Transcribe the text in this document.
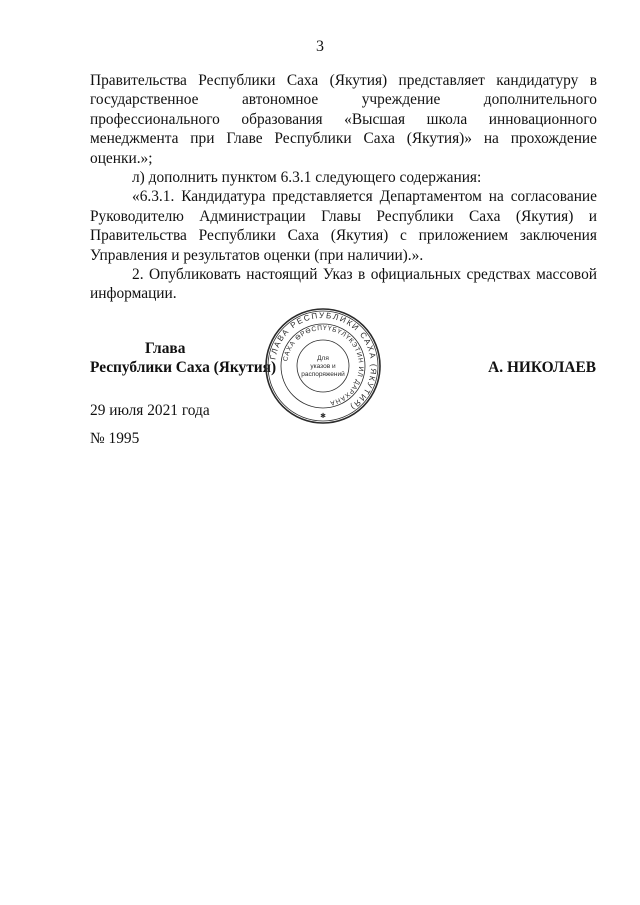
3

Правительства Республики Саха (Якутия) представляет кандидатуру в государственное автономное учреждение дополнительного профессионального образования «Высшая школа инновационного менеджмента при Главе Республики Саха (Якутия)» на прохождение оценки.»;

л) дополнить пунктом 6.3.1 следующего содержания:

«6.3.1. Кандидатура представляется Департаментом на согласование Руководителю Администрации Главы Республики Саха (Якутия) и Правительства Республики Саха (Якутия) с приложением заключения Управления и результатов оценки (при наличии).».

2. Опубликовать настоящий Указ в официальных средствах массовой информации.

Глава
Республики Саха (Якутия)	А. НИКОЛАЕВ
29 июля 2021 года
№ 1995
ГЛАВА РЕСПУБЛИКИ САХА (ЯКУТИЯ)
САХА ӨРӨСПҮҮБҮЛҮКЭТИН ИЛ ДАРХАНА
Для
указов и
распоряжений
✱
